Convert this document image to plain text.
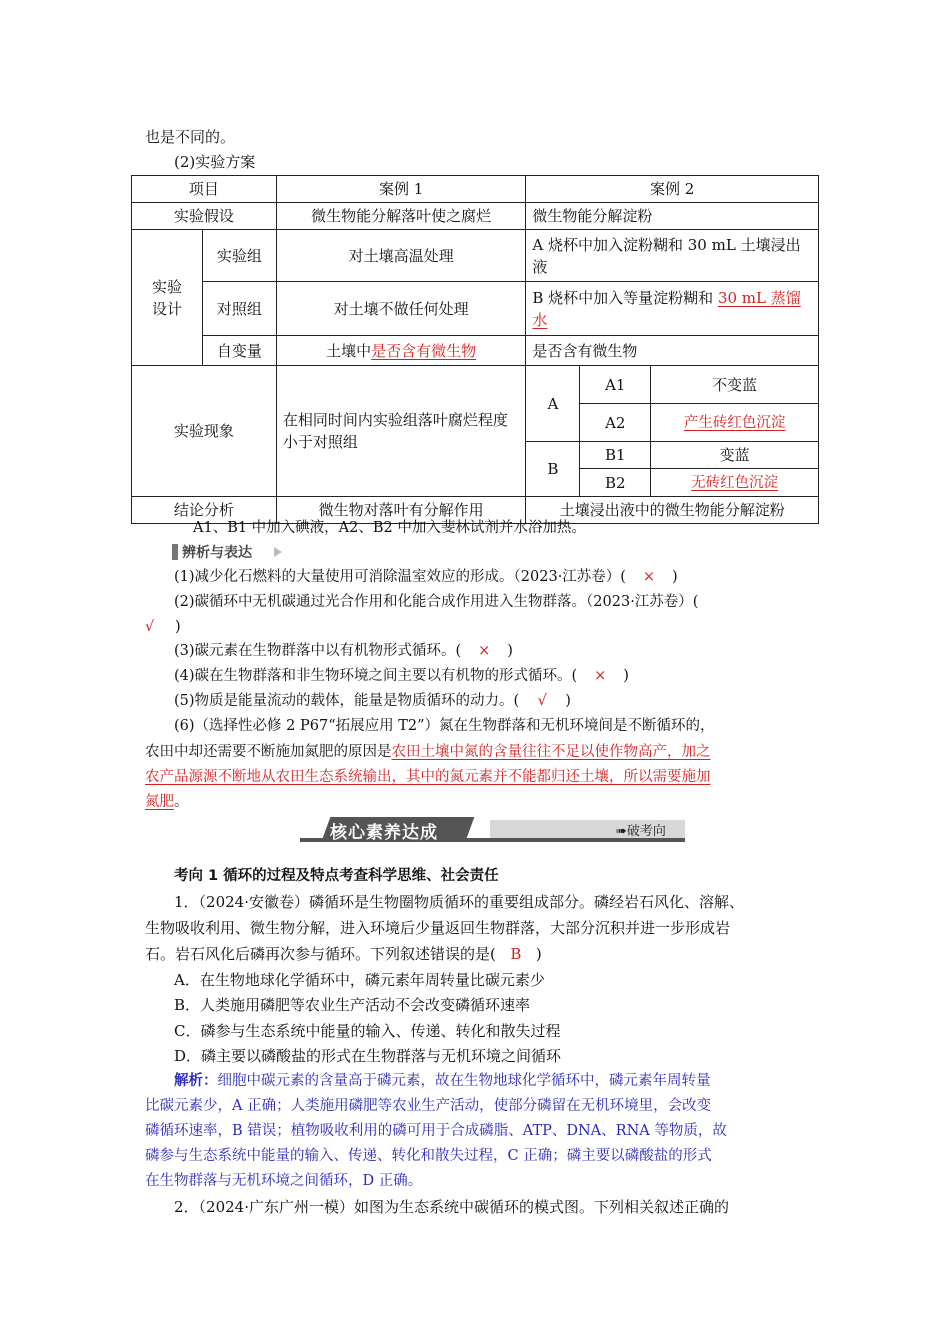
也是不同的。
(2)实验方案
项目		案例 1	案例 2		
实验假设		微生物能分解落叶使之腐烂	微生物能分解淀粉		
实验设计	实验组	对土壤高温处理	A 烧杯中加入淀粉糊和 30 mL 土壤浸出液		
	对照组	对土壤不做任何处理	B 烧杯中加入等量淀粉糊和 30 mL 蒸馏水		
	自变量	土壤中是否含有微生物	是否含有微生物		
实验现象		在相同时间内实验组落叶腐烂程度小于对照组	A	A1	不变蓝
				A2	产生砖红色沉淀
			B	B1	变蓝
				B2	无砖红色沉淀
结论分析		微生物对落叶有分解作用	土壤浸出液中的微生物能分解淀粉		
A1、B1 中加入碘液，A2、B2 中加入斐林试剂并水浴加热。
辨析与表达
(1)减少化石燃料的大量使用可消除温室效应的形成。（2023·江苏卷）( × )
(2)碳循环中无机碳通过光合作用和化能合成作用进入生物群落。（2023·江苏卷）(
√ )
(3)碳元素在生物群落中以有机物形式循环。( × )
(4)碳在生物群落和非生物环境之间主要以有机物的形式循环。( × )
(5)物质是能量流动的载体，能量是物质循环的动力。( √ )
(6)（选择性必修 2 P67“拓展应用 T2”）氮在生物群落和无机环境间是不断循环的，
农田中却还需要不断施加氮肥的原因是农田土壤中氮的含量往往不足以使作物高产，加之
农产品源源不断地从农田生态系统输出，其中的氮元素并不能都归还土壤，所以需要施加
氮肥。
核心素养达成	➠破考向
考向 1 循环的过程及特点考查科学思维、社会责任
1．（2024·安徽卷）磷循环是生物圈物质循环的重要组成部分。磷经岩石风化、溶解、
生物吸收利用、微生物分解，进入环境后少量返回生物群落，大部分沉积并进一步形成岩
石。岩石风化后磷再次参与循环。下列叙述错误的是( B )
A．在生物地球化学循环中，磷元素年周转量比碳元素少
B．人类施用磷肥等农业生产活动不会改变磷循环速率
C．磷参与生态系统中能量的输入、传递、转化和散失过程
D．磷主要以磷酸盐的形式在生物群落与无机环境之间循环
解析：细胞中碳元素的含量高于磷元素，故在生物地球化学循环中，磷元素年周转量
比碳元素少，A 正确；人类施用磷肥等农业生产活动，使部分磷留在无机环境里，会改变
磷循环速率，B 错误；植物吸收利用的磷可用于合成磷脂、ATP、DNA、RNA 等物质，故
磷参与生态系统中能量的输入、传递、转化和散失过程，C 正确；磷主要以磷酸盐的形式
在生物群落与无机环境之间循环，D 正确。
2．（2024·广东广州一模）如图为生态系统中碳循环的模式图。下列相关叙述正确的
